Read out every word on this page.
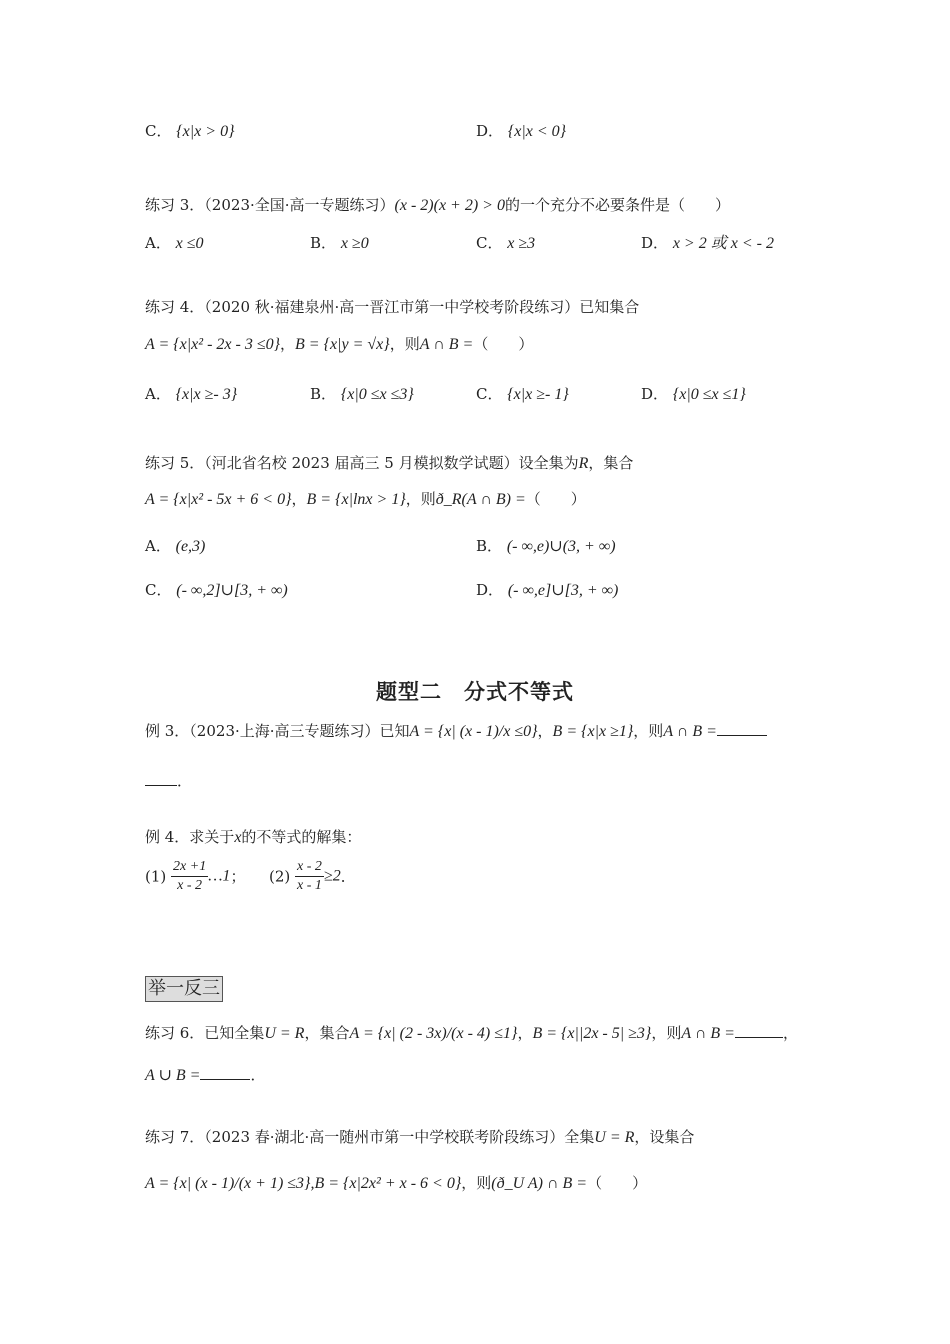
C． {x|x > 0}	D． {x|x < 0}
练习 3．（2023·全国·高一专题练习）(x - 2)(x + 2) > 0的一个充分不必要条件是（　　）
A． x ≤0	B． x ≥0	C． x ≥3	D． x > 2 或 x < - 2
练习 4．（2020 秋·福建泉州·高一晋江市第一中学校考阶段练习）已知集合
A = {x|x² - 2x - 3 ≤0}，B = {x|y = √x}，则A ∩ B =（　　）
A． {x|x ≥- 3}	B． {x|0 ≤x ≤3}	C． {x|x ≥- 1}	D． {x|0 ≤x ≤1}
练习 5．（河北省名校 2023 届高三 5 月模拟数学试题）设全集为R，集合
A = {x|x² - 5x + 6 < 0}，B = {x|lnx > 1}，则ð_R(A ∩ B) =（　　）
A． (e,3)	B． (- ∞,e)∪(3, + ∞)
C． (- ∞,2]∪[3, + ∞)	D． (- ∞,e]∪[3, + ∞)
题型二　分式不等式
例 3．（2023·上海·高三专题练习）已知A = {x| (x - 1)/x ≤0}，B = {x|x ≥1}，则A ∩ B =
．
例 4．求关于x的不等式的解集：
$(1) \frac{2x +1}{x - 2}$ …1； $(2) \frac{x - 2}{x - 1} \ge 2$．
举一反三
练习 6．已知全集U = R，集合A = {x| (2 - 3x)/(x - 4) ≤1}，B = {x||2x - 5| ≥3}，则A ∩ B =	，
A ∪ B =	．
练习 7．（2023 春·湖北·高一随州市第一中学校联考阶段练习）全集U = R，设集合
A = {x| (x - 1)/(x + 1) ≤3},B = {x|2x² + x - 6 < 0}，则(ð_U A) ∩ B =（　　）
